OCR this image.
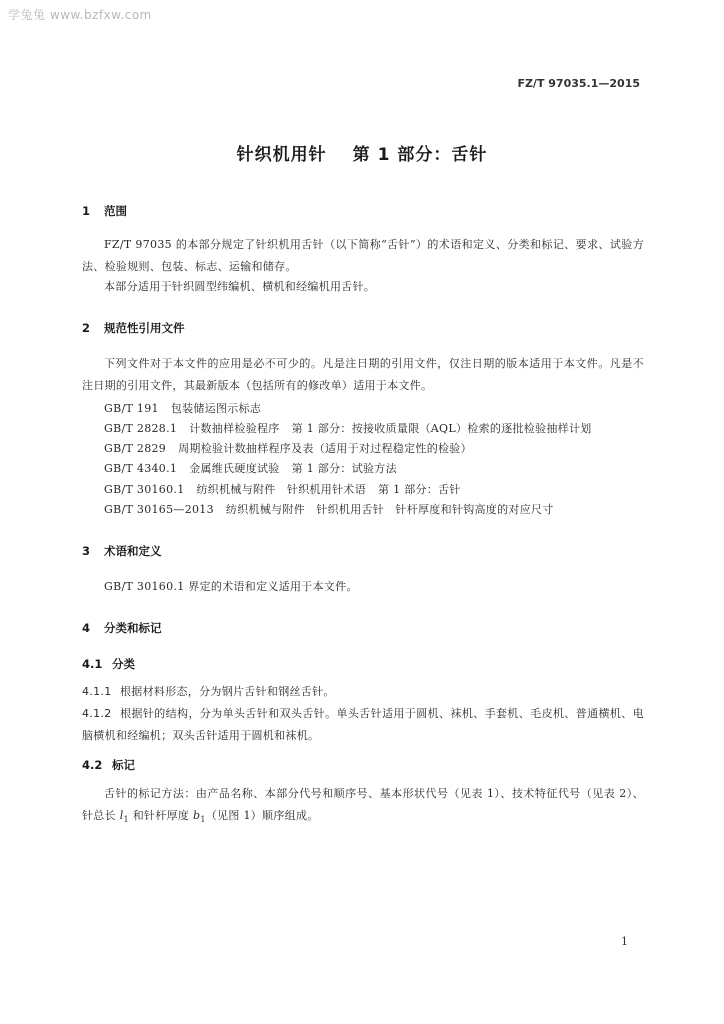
学兔兔 www.bzfxw.com
FZ/T 97035.1—2015
针织机用针 第 1 部分：舌针
1 范围
FZ/T 97035 的本部分规定了针织机用舌针（以下简称“舌针”）的术语和定义、分类和标记、要求、试验方法、检验规则、包装、标志、运输和储存。
本部分适用于针织圆型纬编机、横机和经编机用舌针。
2 规范性引用文件
下列文件对于本文件的应用是必不可少的。凡是注日期的引用文件，仅注日期的版本适用于本文件。凡是不注日期的引用文件，其最新版本（包括所有的修改单）适用于本文件。
GB/T 191 包装储运图示标志
GB/T 2828.1 计数抽样检验程序 第 1 部分：按接收质量限（AQL）检索的逐批检验抽样计划
GB/T 2829 周期检验计数抽样程序及表（适用于对过程稳定性的检验）
GB/T 4340.1 金属维氏硬度试验 第 1 部分：试验方法
GB/T 30160.1 纺织机械与附件　针织机用针术语 第 1 部分：舌针
GB/T 30165—2013 纺织机械与附件　针织机用舌针　针杆厚度和针钩高度的对应尺寸
3 术语和定义
GB/T 30160.1 界定的术语和定义适用于本文件。
4 分类和标记
4.1 分类
4.1.1 根据材料形态，分为钢片舌针和钢丝舌针。
4.1.2 根据针的结构，分为单头舌针和双头舌针。单头舌针适用于圆机、袜机、手套机、毛皮机、普通横机、电脑横机和经编机；双头舌针适用于圆机和袜机。
4.2 标记
舌针的标记方法：由产品名称、本部分代号和顺序号、基本形状代号（见表 1）、技术特征代号（见表 2）、针总长 $l_1$ 和针杆厚度 $b_1$（见图 1）顺序组成。
1
